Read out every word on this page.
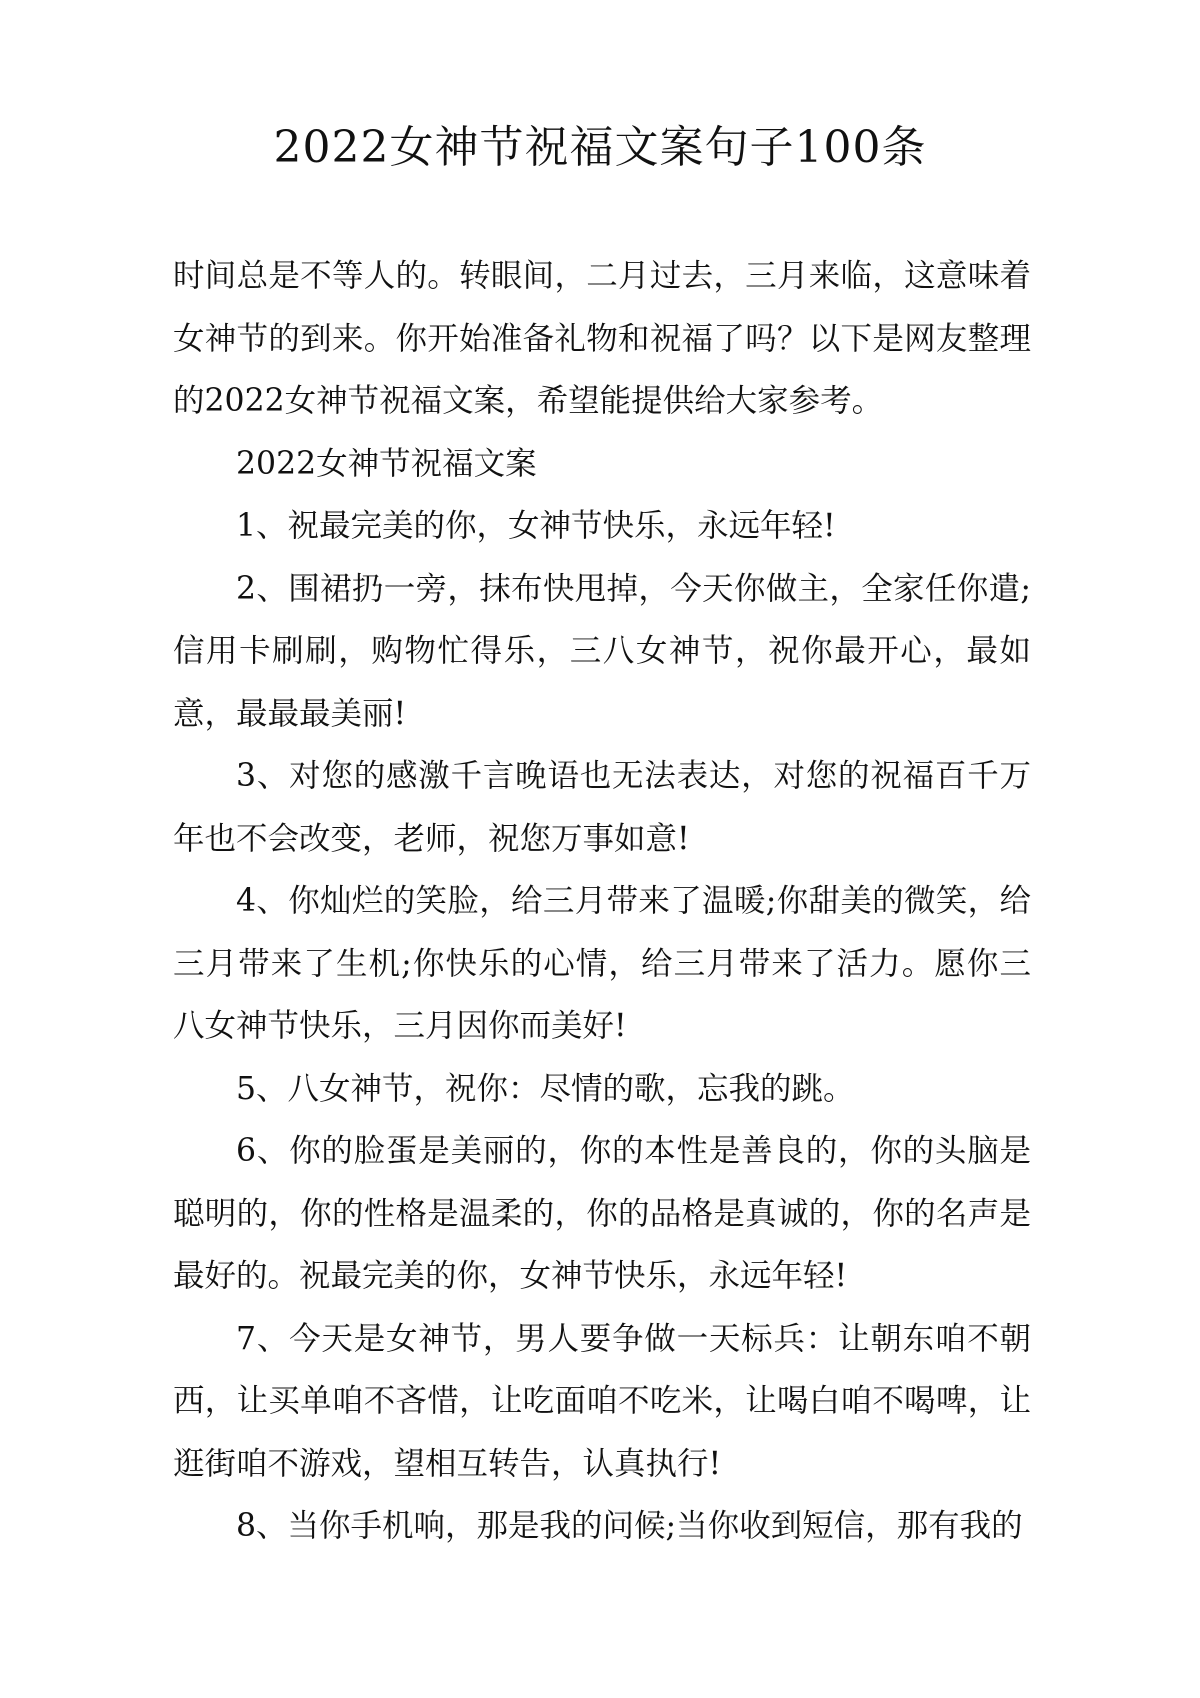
2022女神节祝福文案句子100条

时间总是不等人的。转眼间，二月过去，三月来临，这意味着女神节的到来。你开始准备礼物和祝福了吗？以下是网友整理的2022女神节祝福文案，希望能提供给大家参考。

2022女神节祝福文案

1、祝最完美的你，女神节快乐，永远年轻!

2、围裙扔一旁，抹布快甩掉，今天你做主，全家任你遣;信用卡刷刷，购物忙得乐，三八女神节，祝你最开心，最如意，最最最美丽!

3、对您的感激千言晚语也无法表达，对您的祝福百千万年也不会改变，老师，祝您万事如意!

4、你灿烂的笑脸，给三月带来了温暖;你甜美的微笑，给三月带来了生机;你快乐的心情，给三月带来了活力。愿你三八女神节快乐，三月因你而美好!

5、八女神节，祝你：尽情的歌，忘我的跳。

6、你的脸蛋是美丽的，你的本性是善良的，你的头脑是聪明的，你的性格是温柔的，你的品格是真诚的，你的名声是最好的。祝最完美的你，女神节快乐，永远年轻!

7、今天是女神节，男人要争做一天标兵：让朝东咱不朝西，让买单咱不吝惜，让吃面咱不吃米，让喝白咱不喝啤，让逛街咱不游戏，望相互转告，认真执行!

8、当你手机响，那是我的问候;当你收到短信，那有我的
